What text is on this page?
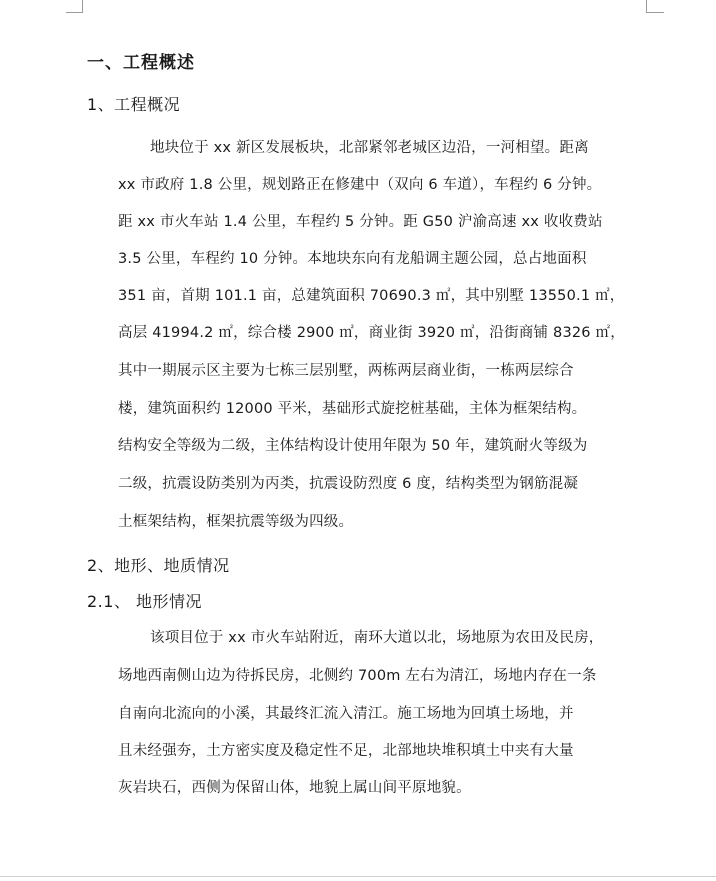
一、工程概述
1、工程概况
地块位于 xx 新区发展板块，北部紧邻老城区边沿，一河相望。距离
xx 市政府 1.8 公里，规划路正在修建中（双向 6 车道），车程约 6 分钟。
距 xx 市火车站 1.4 公里，车程约 5 分钟。距 G50 沪渝高速 xx 收收费站
3.5 公里，车程约 10 分钟。本地块东向有龙船调主题公园，总占地面积
351 亩，首期 101.1 亩，总建筑面积 70690.3 ㎡，其中别墅 13550.1 ㎡，
高层 41994.2 ㎡，综合楼 2900 ㎡，商业街 3920 ㎡，沿街商铺 8326 ㎡，
其中一期展示区主要为七栋三层别墅，两栋两层商业街，一栋两层综合
楼，建筑面积约 12000 平米，基础形式旋挖桩基础，主体为框架结构。
结构安全等级为二级，主体结构设计使用年限为 50 年，建筑耐火等级为
二级，抗震设防类别为丙类，抗震设防烈度 6 度，结构类型为钢筋混凝
土框架结构，框架抗震等级为四级。
2、地形、地质情况
2.1、 地形情况
该项目位于 xx 市火车站附近，南环大道以北，场地原为农田及民房，
场地西南侧山边为待拆民房，北侧约 700m 左右为清江，场地内存在一条
自南向北流向的小溪，其最终汇流入清江。施工场地为回填土场地，并
且未经强夯，土方密实度及稳定性不足，北部地块堆积填土中夹有大量
灰岩块石，西侧为保留山体，地貌上属山间平原地貌。
